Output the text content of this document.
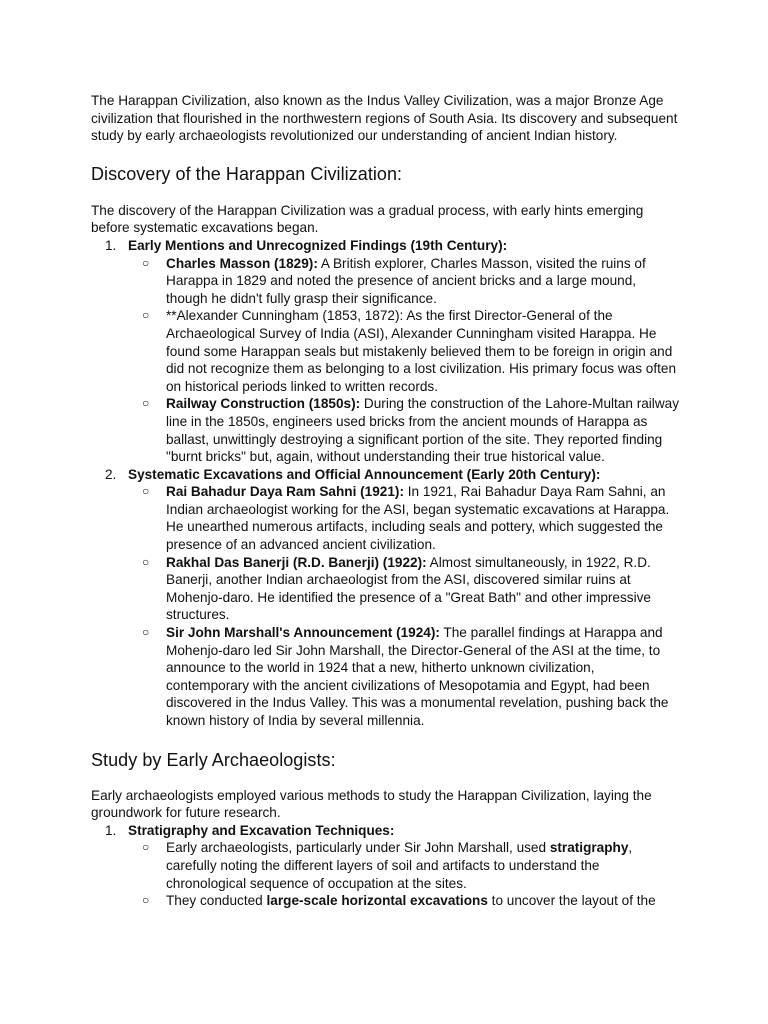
The Harappan Civilization, also known as the Indus Valley Civilization, was a major Bronze Age civilization that flourished in the northwestern regions of South Asia. Its discovery and subsequent study by early archaeologists revolutionized our understanding of ancient Indian history.

Discovery of the Harappan Civilization:

The discovery of the Harappan Civilization was a gradual process, with early hints emerging before systematic excavations began.

1. Early Mentions and Unrecognized Findings (19th Century):
○ Charles Masson (1829): A British explorer, Charles Masson, visited the ruins of Harappa in 1829 and noted the presence of ancient bricks and a large mound, though he didn't fully grasp their significance.
○ **Alexander Cunningham (1853, 1872): As the first Director-General of the Archaeological Survey of India (ASI), Alexander Cunningham visited Harappa. He found some Harappan seals but mistakenly believed them to be foreign in origin and did not recognize them as belonging to a lost civilization. His primary focus was often on historical periods linked to written records.
○ Railway Construction (1850s): During the construction of the Lahore-Multan railway line in the 1850s, engineers used bricks from the ancient mounds of Harappa as ballast, unwittingly destroying a significant portion of the site. They reported finding "burnt bricks" but, again, without understanding their true historical value.
2. Systematic Excavations and Official Announcement (Early 20th Century):
○ Rai Bahadur Daya Ram Sahni (1921): In 1921, Rai Bahadur Daya Ram Sahni, an Indian archaeologist working for the ASI, began systematic excavations at Harappa. He unearthed numerous artifacts, including seals and pottery, which suggested the presence of an advanced ancient civilization.
○ Rakhal Das Banerji (R.D. Banerji) (1922): Almost simultaneously, in 1922, R.D. Banerji, another Indian archaeologist from the ASI, discovered similar ruins at Mohenjo-daro. He identified the presence of a "Great Bath" and other impressive structures.
○ Sir John Marshall's Announcement (1924): The parallel findings at Harappa and Mohenjo-daro led Sir John Marshall, the Director-General of the ASI at the time, to announce to the world in 1924 that a new, hitherto unknown civilization, contemporary with the ancient civilizations of Mesopotamia and Egypt, had been discovered in the Indus Valley. This was a monumental revelation, pushing back the known history of India by several millennia.
Study by Early Archaeologists:

Early archaeologists employed various methods to study the Harappan Civilization, laying the groundwork for future research.

1. Stratigraphy and Excavation Techniques:
○ Early archaeologists, particularly under Sir John Marshall, used stratigraphy, carefully noting the different layers of soil and artifacts to understand the chronological sequence of occupation at the sites.
○ They conducted large-scale horizontal excavations to uncover the layout of the
